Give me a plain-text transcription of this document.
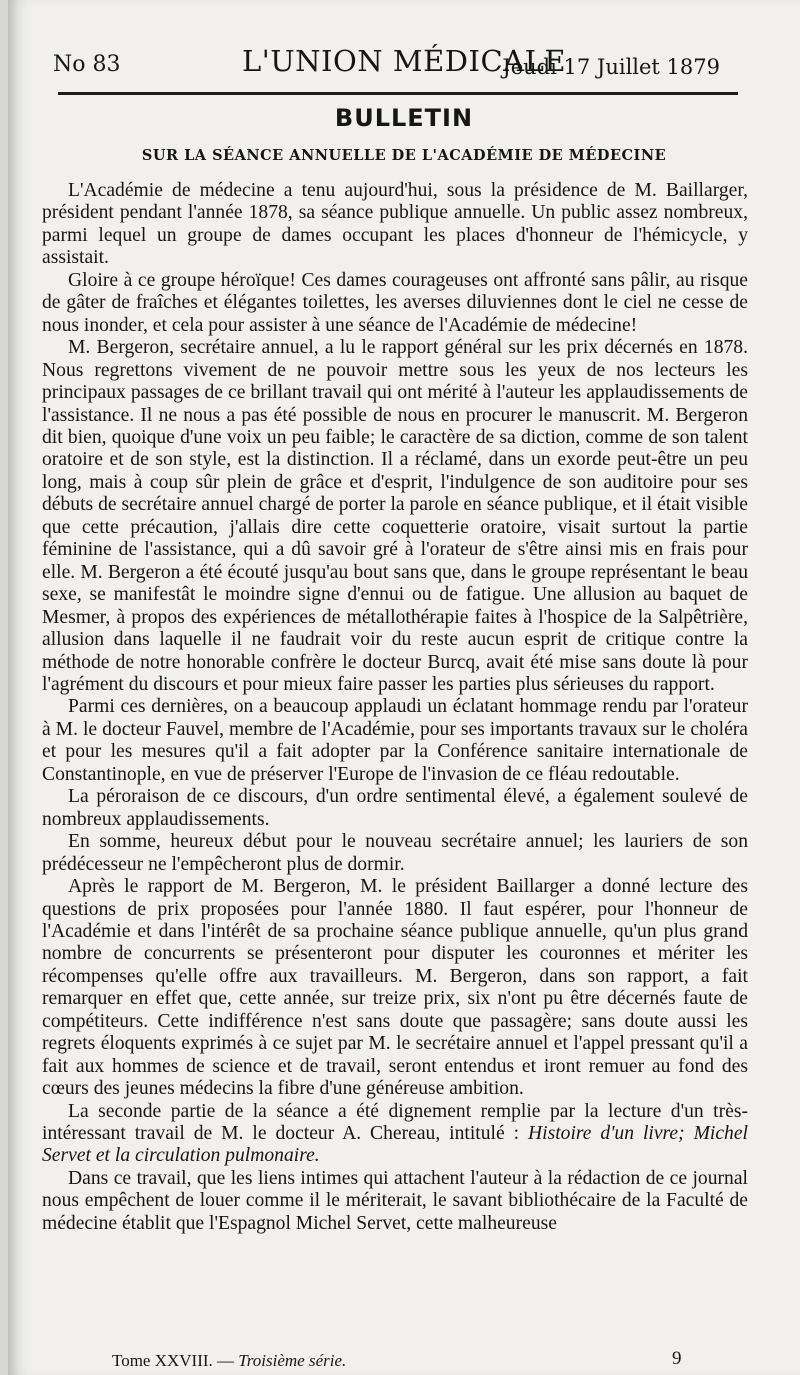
No 83	L'UNION MÉDICALE
Jeudi 17 Juillet 1879
BULLETIN
SUR LA SÉANCE ANNUELLE DE L'ACADÉMIE DE MÉDECINE

L'Académie de médecine a tenu aujourd'hui, sous la présidence de M. Baillarger, président pendant l'année 1878, sa séance publique annuelle. Un public assez nombreux, parmi lequel un groupe de dames occupant les places d'honneur de l'hémicycle, y assistait.

Gloire à ce groupe héroïque! Ces dames courageuses ont affronté sans pâlir, au risque de gâter de fraîches et élégantes toilettes, les averses diluviennes dont le ciel ne cesse de nous inonder, et cela pour assister à une séance de l'Académie de médecine!

M. Bergeron, secrétaire annuel, a lu le rapport général sur les prix décernés en 1878. Nous regrettons vivement de ne pouvoir mettre sous les yeux de nos lecteurs les principaux passages de ce brillant travail qui ont mérité à l'auteur les applaudissements de l'assistance. Il ne nous a pas été possible de nous en procurer le manuscrit. M. Bergeron dit bien, quoique d'une voix un peu faible; le caractère de sa diction, comme de son talent oratoire et de son style, est la distinction. Il a réclamé, dans un exorde peut-être un peu long, mais à coup sûr plein de grâce et d'esprit, l'indulgence de son auditoire pour ses débuts de secrétaire annuel chargé de porter la parole en séance publique, et il était visible que cette précaution, j'allais dire cette coquetterie oratoire, visait surtout la partie féminine de l'assistance, qui a dû savoir gré à l'orateur de s'être ainsi mis en frais pour elle. M. Bergeron a été écouté jusqu'au bout sans que, dans le groupe représentant le beau sexe, se manifestât le moindre signe d'ennui ou de fatigue. Une allusion au baquet de Mesmer, à propos des expériences de métallothérapie faites à l'hospice de la Salpêtrière, allusion dans laquelle il ne faudrait voir du reste aucun esprit de critique contre la méthode de notre honorable confrère le docteur Burcq, avait été mise sans doute là pour l'agrément du discours et pour mieux faire passer les parties plus sérieuses du rapport.

Parmi ces dernières, on a beaucoup applaudi un éclatant hommage rendu par l'orateur à M. le docteur Fauvel, membre de l'Académie, pour ses importants travaux sur le choléra et pour les mesures qu'il a fait adopter par la Conférence sanitaire internationale de Constantinople, en vue de préserver l'Europe de l'invasion de ce fléau redoutable.

La péroraison de ce discours, d'un ordre sentimental élevé, a également soulevé de nombreux applaudissements.

En somme, heureux début pour le nouveau secrétaire annuel; les lauriers de son prédécesseur ne l'empêcheront plus de dormir.

Après le rapport de M. Bergeron, M. le président Baillarger a donné lecture des questions de prix proposées pour l'année 1880. Il faut espérer, pour l'honneur de l'Académie et dans l'intérêt de sa prochaine séance publique annuelle, qu'un plus grand nombre de concurrents se présenteront pour disputer les couronnes et mériter les récompenses qu'elle offre aux travailleurs. M. Bergeron, dans son rapport, a fait remarquer en effet que, cette année, sur treize prix, six n'ont pu être décernés faute de compétiteurs. Cette indifférence n'est sans doute que passagère; sans doute aussi les regrets éloquents exprimés à ce sujet par M. le secrétaire annuel et l'appel pressant qu'il a fait aux hommes de science et de travail, seront entendus et iront remuer au fond des cœurs des jeunes médecins la fibre d'une généreuse ambition.

La seconde partie de la séance a été dignement remplie par la lecture d'un très-intéressant travail de M. le docteur A. Chereau, intitulé : Histoire d'un livre; Michel Servet et la circulation pulmonaire.

Dans ce travail, que les liens intimes qui attachent l'auteur à la rédaction de ce journal nous empêchent de louer comme il le mériterait, le savant bibliothécaire de la Faculté de médecine établit que l'Espagnol Michel Servet, cette malheureuse

Tome XXVIII. — Troisième série.	9
